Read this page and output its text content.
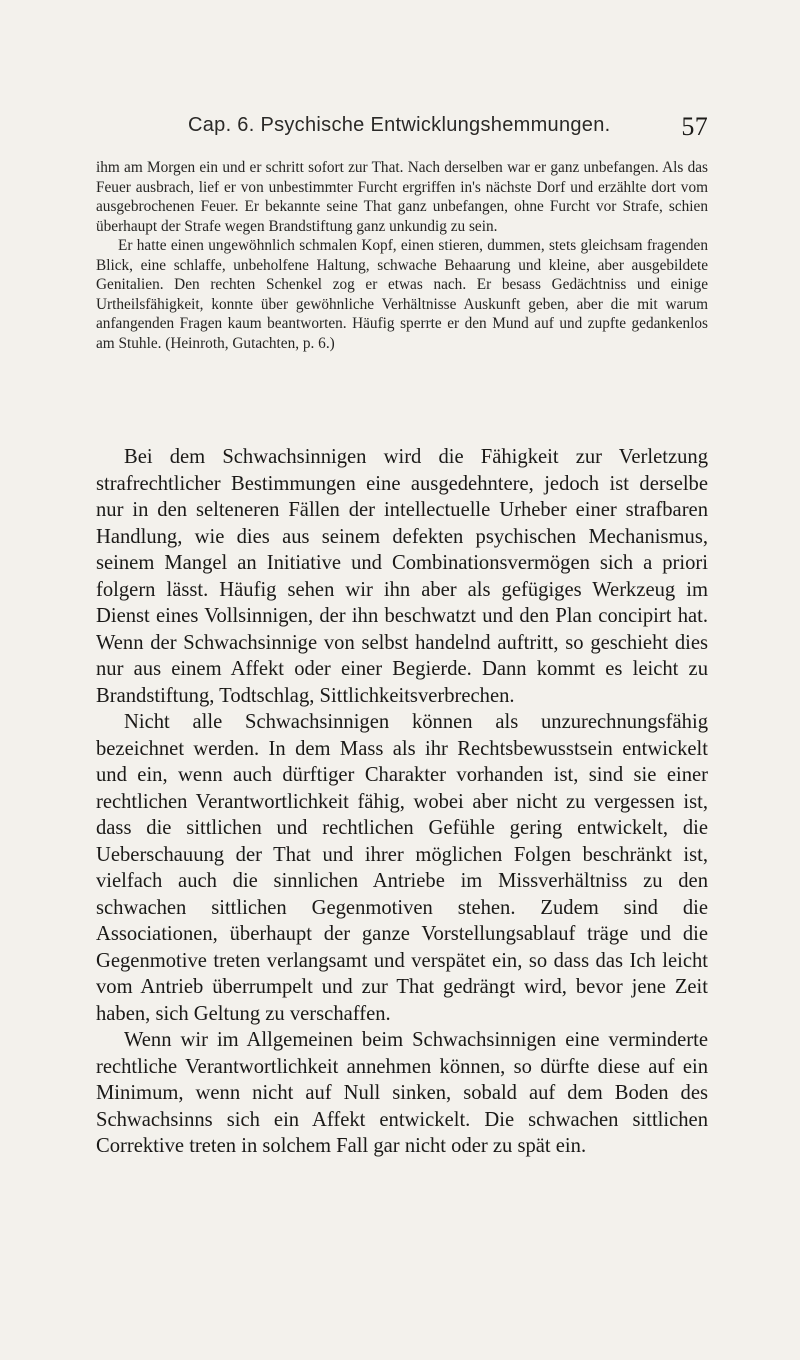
Cap. 6. Psychische Entwicklungshemmungen.	57

ihm am Morgen ein und er schritt sofort zur That. Nach derselben war er ganz unbefangen. Als das Feuer ausbrach, lief er von unbestimmter Furcht ergriffen in's nächste Dorf und erzählte dort vom ausgebrochenen Feuer. Er bekannte seine That ganz unbefangen, ohne Furcht vor Strafe, schien überhaupt der Strafe wegen Brandstiftung ganz unkundig zu sein.

Er hatte einen ungewöhnlich schmalen Kopf, einen stieren, dummen, stets gleichsam fragenden Blick, eine schlaffe, unbeholfene Haltung, schwache Behaarung und kleine, aber ausgebildete Genitalien. Den rechten Schenkel zog er etwas nach. Er besass Gedächtniss und einige Urtheilsfähigkeit, konnte über gewöhnliche Verhältnisse Auskunft geben, aber die mit warum anfangenden Fragen kaum beantworten. Häufig sperrte er den Mund auf und zupfte gedankenlos am Stuhle. (Heinroth, Gutachten, p. 6.)

Bei dem Schwachsinnigen wird die Fähigkeit zur Verletzung strafrechtlicher Bestimmungen eine ausgedehntere, jedoch ist derselbe nur in den selteneren Fällen der intellectuelle Urheber einer strafbaren Handlung, wie dies aus seinem defekten psychischen Mechanismus, seinem Mangel an Initiative und Combinationsvermögen sich a priori folgern lässt. Häufig sehen wir ihn aber als gefügiges Werkzeug im Dienst eines Vollsinnigen, der ihn beschwatzt und den Plan concipirt hat. Wenn der Schwachsinnige von selbst handelnd auftritt, so geschieht dies nur aus einem Affekt oder einer Begierde. Dann kommt es leicht zu Brandstiftung, Todtschlag, Sittlichkeitsverbrechen.

Nicht alle Schwachsinnigen können als unzurechnungsfähig bezeichnet werden. In dem Mass als ihr Rechtsbewusstsein entwickelt und ein, wenn auch dürftiger Charakter vorhanden ist, sind sie einer rechtlichen Verantwortlichkeit fähig, wobei aber nicht zu vergessen ist, dass die sittlichen und rechtlichen Gefühle gering entwickelt, die Ueberschauung der That und ihrer möglichen Folgen beschränkt ist, vielfach auch die sinnlichen Antriebe im Missverhältniss zu den schwachen sittlichen Gegenmotiven stehen. Zudem sind die Associationen, überhaupt der ganze Vorstellungsablauf träge und die Gegenmotive treten verlangsamt und verspätet ein, so dass das Ich leicht vom Antrieb überrumpelt und zur That gedrängt wird, bevor jene Zeit haben, sich Geltung zu verschaffen.

Wenn wir im Allgemeinen beim Schwachsinnigen eine verminderte rechtliche Verantwortlichkeit annehmen können, so dürfte diese auf ein Minimum, wenn nicht auf Null sinken, sobald auf dem Boden des Schwachsinns sich ein Affekt entwickelt. Die schwachen sittlichen Correktive treten in solchem Fall gar nicht oder zu spät ein.
